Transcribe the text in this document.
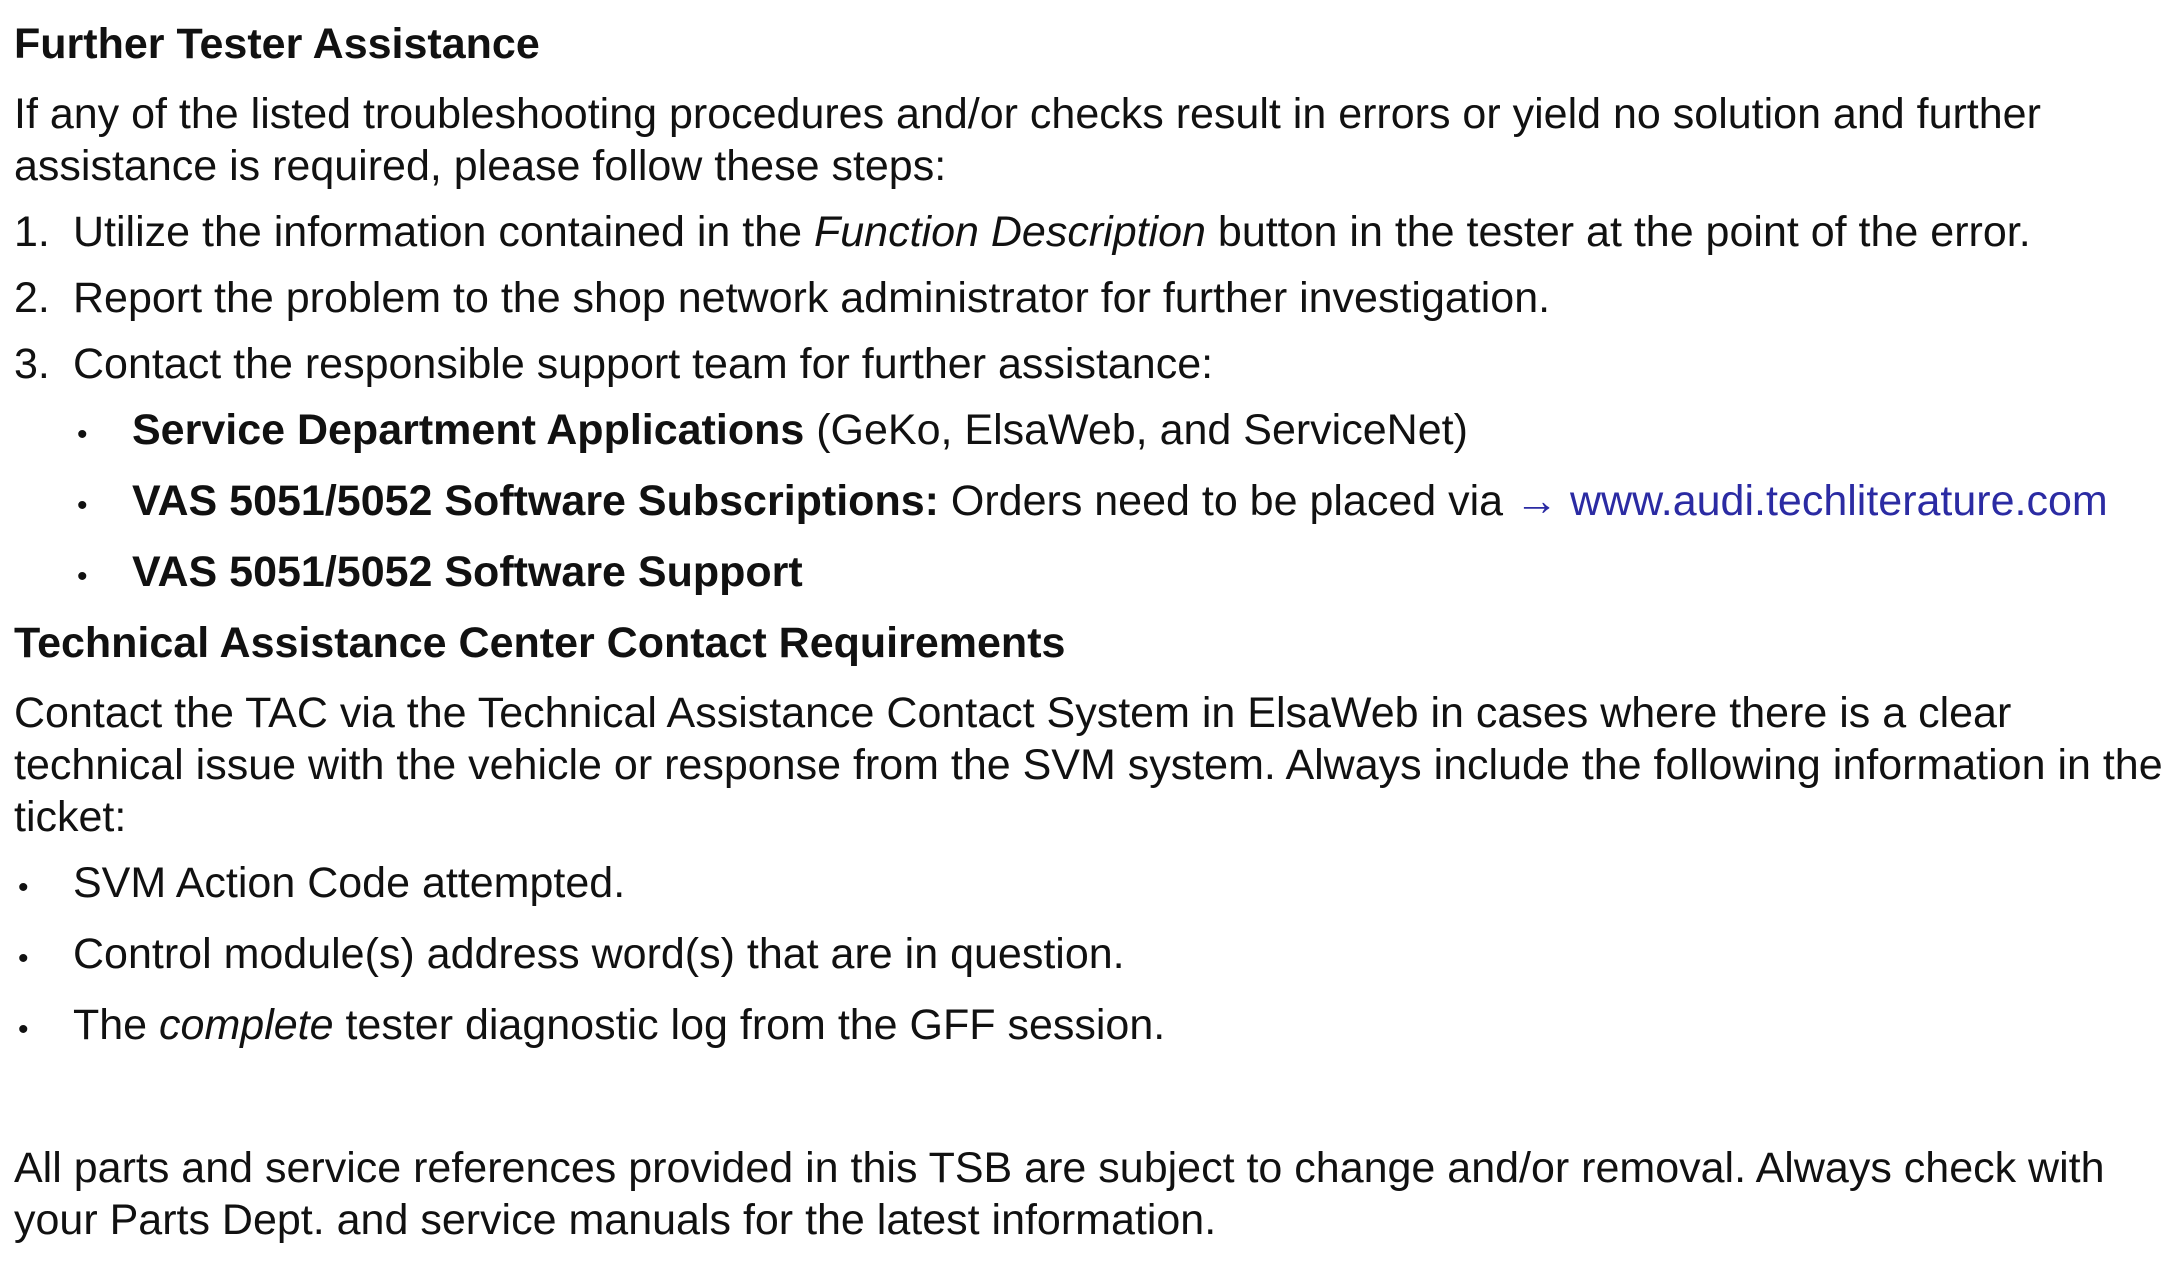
Further Tester Assistance

If any of the listed troubleshooting procedures and/or checks result in errors or yield no solution and further
assistance is required, please follow these steps:

1. Utilize the information contained in the Function Description button in the tester at the point of the error.
2. Report the problem to the shop network administrator for further investigation.
3. Contact the responsible support team for further assistance:
•	Service Department Applications (GeKo, ElsaWeb, and ServiceNet)
•	VAS 5051/5052 Software Subscriptions: Orders need to be placed via → www.audi.techliterature.com
•	VAS 5051/5052 Software Support
Technical Assistance Center Contact Requirements

Contact the TAC via the Technical Assistance Contact System in ElsaWeb in cases where there is a clear
technical issue with the vehicle or response from the SVM system. Always include the following information in the
ticket:

•	SVM Action Code attempted.
•	Control module(s) address word(s) that are in question.
•	The complete tester diagnostic log from the GFF session.

All parts and service references provided in this TSB are subject to change and/or removal. Always check with
your Parts Dept. and service manuals for the latest information.
